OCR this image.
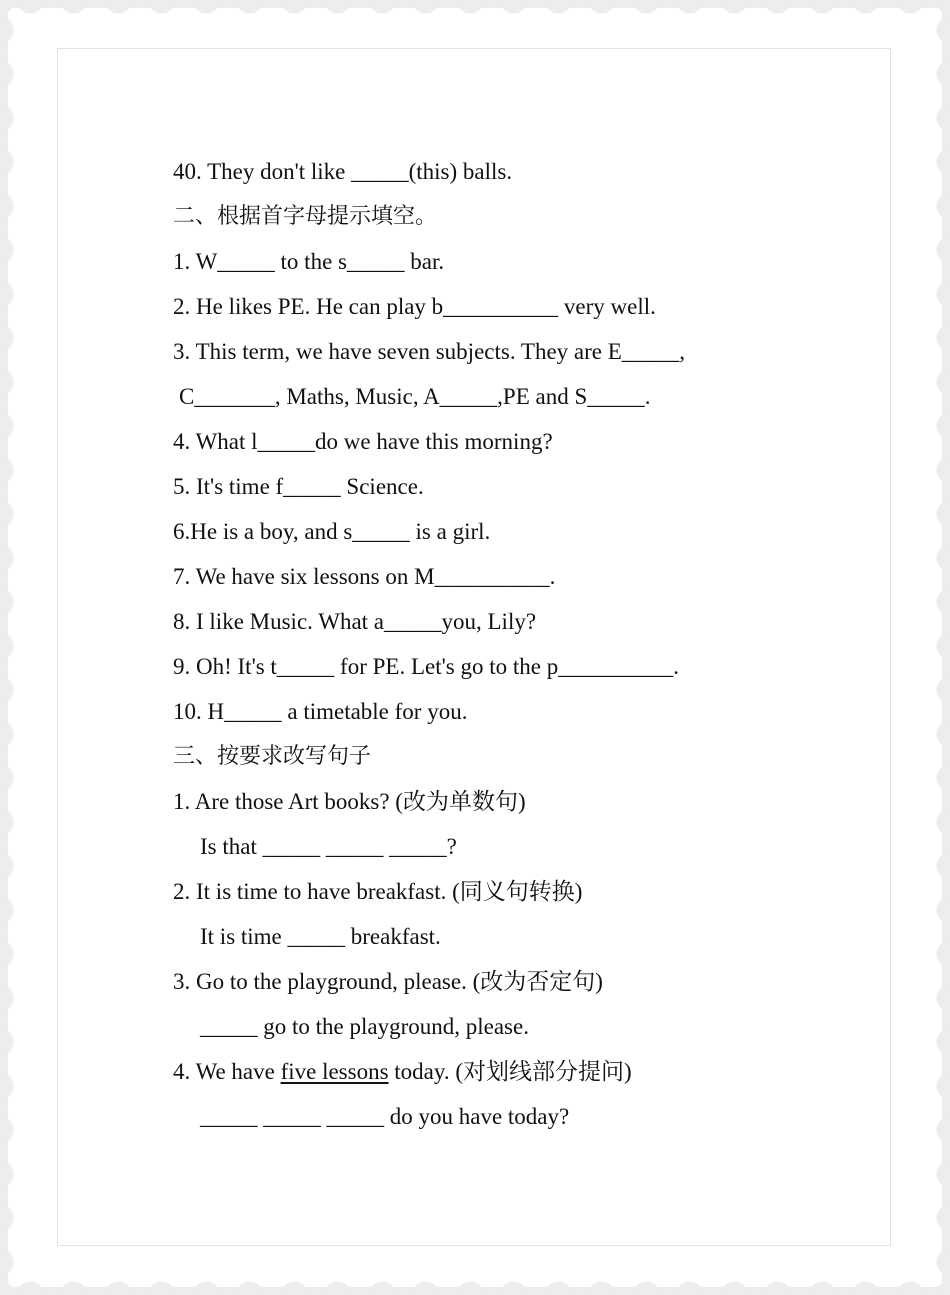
40. They don't like _____(this) balls.
二、根据首字母提示填空。
1. W_____ to the s_____ bar.
2. He likes PE. He can play b__________ very well.
3. This term, we have seven subjects. They are E_____,
C_______, Maths, Music, A_____,PE and S_____.
4. What l_____do we have this morning?
5. It's time f_____ Science.
6.He is a boy, and s_____ is a girl.
7. We have six lessons on M__________.
8. I like Music. What a_____you, Lily?
9. Oh! It's t_____ for PE. Let's go to the p__________.
10. H_____ a timetable for you.
三、按要求改写句子
1. Are those Art books? (改为单数句)
Is that _____ _____ _____?
2. It is time to have breakfast. (同义句转换)
It is time _____ breakfast.
3. Go to the playground, please. (改为否定句)
_____ go to the playground, please.
4. We have five lessons today. (对划线部分提问)
_____ _____ _____ do you have today?
